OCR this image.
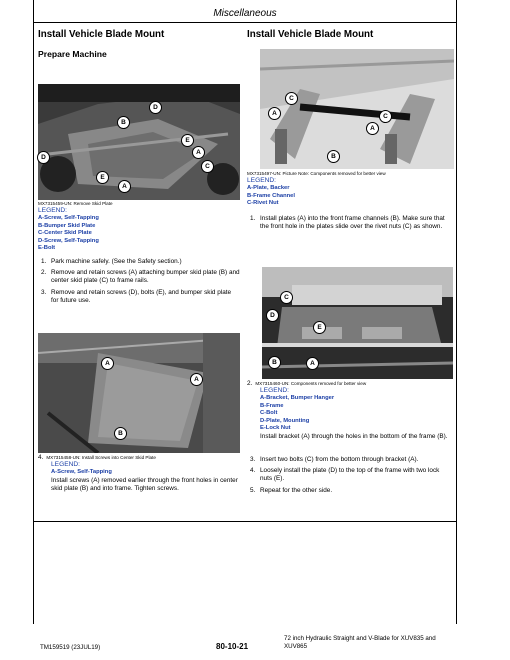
Miscellaneous
Install Vehicle Blade Mount
Prepare Machine
D
B
E
A
C
D
E
A
MX7315459-UN: Remove Skid Plate
LEGEND:
A-Screw, Self-Tapping
B-Bumper Skid Plate
C-Center Skid Plate
D-Screw, Self-Tapping
E-Bolt
1. Park machine safely. (See the Safety section.)
2. Remove and retain screws (A) attaching bumper skid plate (B) and center skid plate (C) to frame rails.
3. Remove and retain screws (D), bolts (E), and bumper skid plate for future use.
A
A
B
4. MX7315458-UN: Install Screws into Center Skid Plate
LEGEND:
A-Screw, Self-Tapping
Install screws (A) removed earlier through the front holes in center skid plate (B) and into frame. Tighten screws.
Install Vehicle Blade Mount
C
A	C
A
B
MX7315497-UN: Picture Note: Components removed for better view
LEGEND:
A-Plate, Backer
B-Frame Channel
C-Rivet Nut
1. Install plates (A) into the front frame channels (B). Make sure that the front hole in the plates slide over the rivet nuts (C) as shown.
C
D
E
B	A
2. MX7315460-UN: Components removed for better view
LEGEND:
A-Bracket, Bumper Hanger
B-Frame
C-Bolt
D-Plate, Mounting
E-Lock Nut
Install bracket (A) through the holes in the bottom of the frame (B).
3. Insert two bolts (C) from the bottom through bracket (A).
4. Loosely install the plate (D) to the top of the frame with two lock nuts (E).
5. Repeat for the other side.
TM159519 (23JUL19)	80-10-21
72 inch Hydraulic Straight and V-Blade for XUV835 and XUV865
